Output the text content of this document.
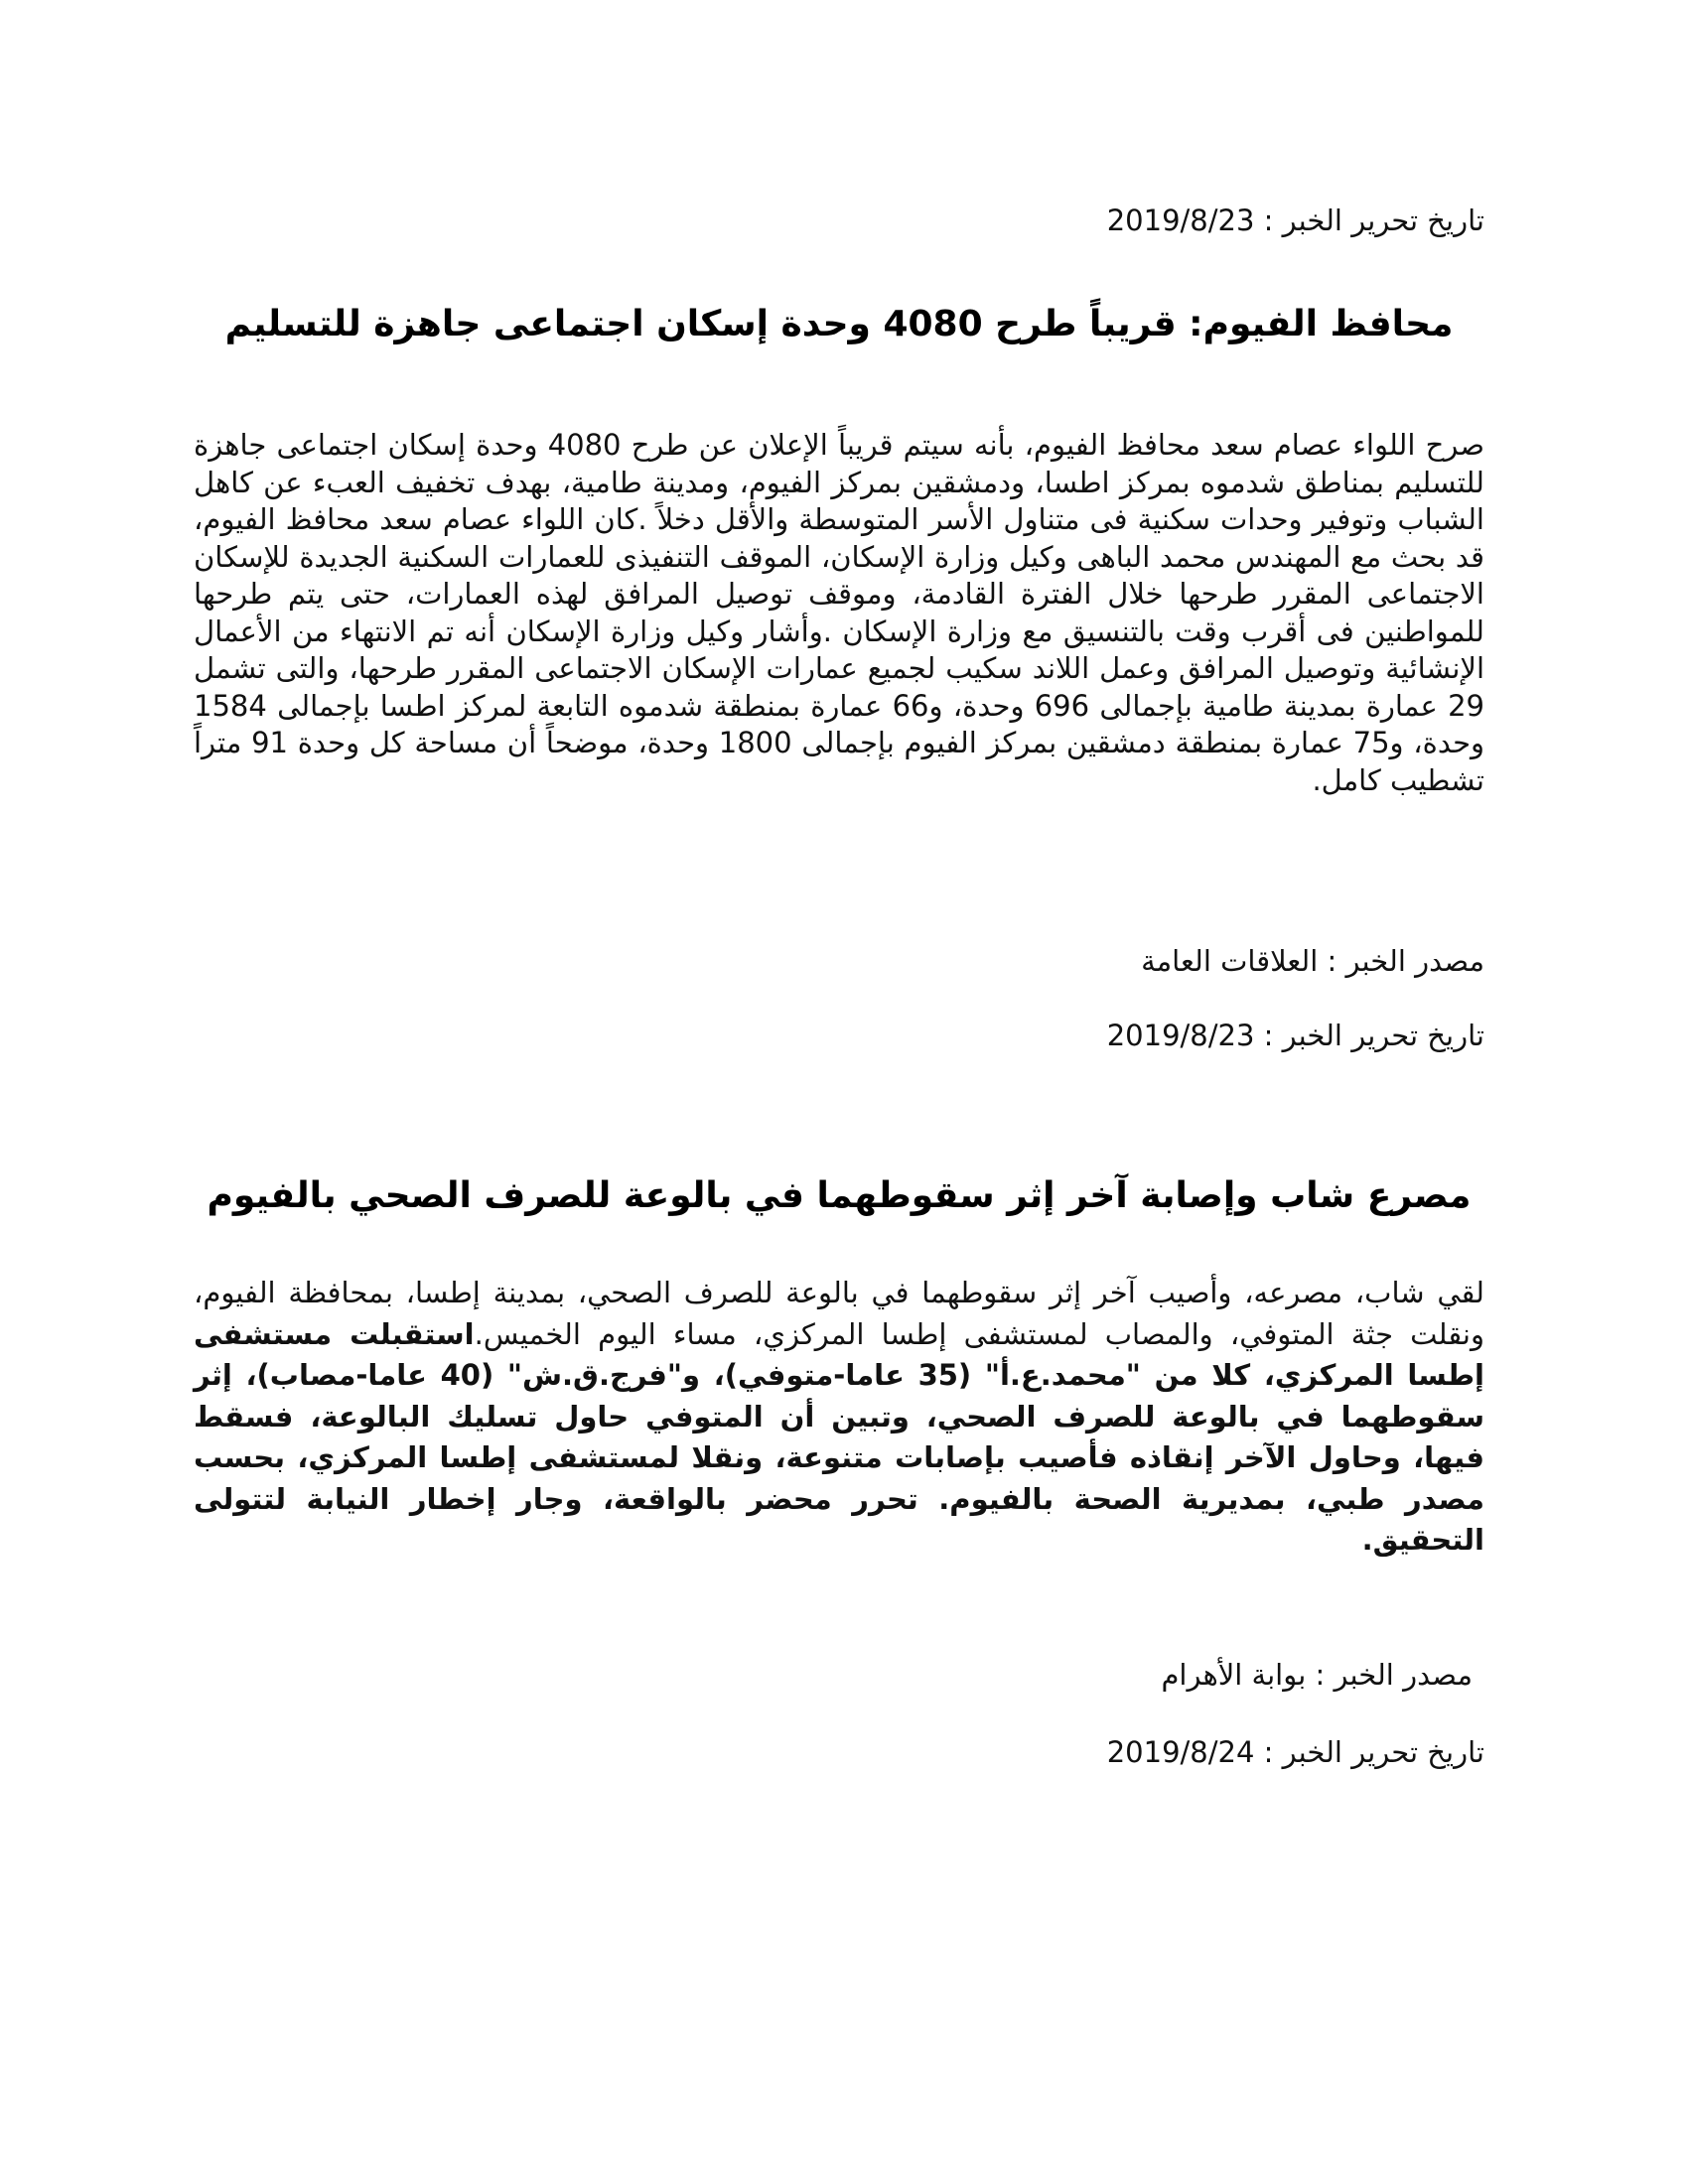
تاريخ تحرير الخبر : 2019/8/23
محافظ الفيوم: قريباً طرح 4080 وحدة إسكان اجتماعى جاهزة للتسليم

صرح اللواء عصام سعد محافظ الفيوم، بأنه سيتم قريباً الإعلان عن طرح 4080 وحدة إسكان اجتماعى جاهزة للتسليم بمناطق شدموه بمركز اطسا، ودمشقين بمركز الفيوم، ومدينة طامية، بهدف تخفيف العبء عن كاهل الشباب وتوفير وحدات سكنية فى متناول الأسر المتوسطة والأقل دخلاً .كان اللواء عصام سعد محافظ الفيوم، قد بحث مع المهندس محمد الباهى وكيل وزارة الإسكان، الموقف التنفيذى للعمارات السكنية الجديدة للإسكان الاجتماعى المقرر طرحها خلال الفترة القادمة، وموقف توصيل المرافق لهذه العمارات، حتى يتم طرحها للمواطنين فى أقرب وقت بالتنسيق مع وزارة الإسكان .وأشار وكيل وزارة الإسكان أنه تم الانتهاء من الأعمال الإنشائية وتوصيل المرافق وعمل اللاند سكيب لجميع عمارات الإسكان الاجتماعى المقرر طرحها، والتى تشمل 29 عمارة بمدينة طامية بإجمالى 696 وحدة، و66 عمارة بمنطقة شدموه التابعة لمركز اطسا بإجمالى 1584 وحدة، و75 عمارة بمنطقة دمشقين بمركز الفيوم بإجمالى 1800 وحدة، موضحاً أن مساحة كل وحدة 91 متراً تشطيب كامل.

مصدر الخبر : العلاقات العامة
تاريخ تحرير الخبر : 2019/8/23
مصرع شاب وإصابة آخر إثر سقوطهما في بالوعة للصرف الصحي بالفيوم

لقي شاب، مصرعه، وأصيب آخر إثر سقوطهما في بالوعة للصرف الصحي، بمدينة إطسا، بمحافظة الفيوم، ونقلت جثة المتوفي، والمصاب لمستشفى إطسا المركزي، مساء اليوم الخميس.استقبلت مستشفى إطسا المركزي، كلا من "محمد.ع.أ" (35 عاما-متوفي)، و"فرج.ق.ش" (40 عاما-مصاب)، إثر سقوطهما في بالوعة للصرف الصحي، وتبين أن المتوفي حاول تسليك البالوعة، فسقط فيها، وحاول الآخر إنقاذه فأصيب بإصابات متنوعة، ونقلا لمستشفى إطسا المركزي، بحسب مصدر طبي، بمديرية الصحة بالفيوم. تحرر محضر بالواقعة، وجار إخطار النيابة لتتولى التحقيق.

مصدر الخبر : بوابة الأهرام
تاريخ تحرير الخبر : 2019/8/24
